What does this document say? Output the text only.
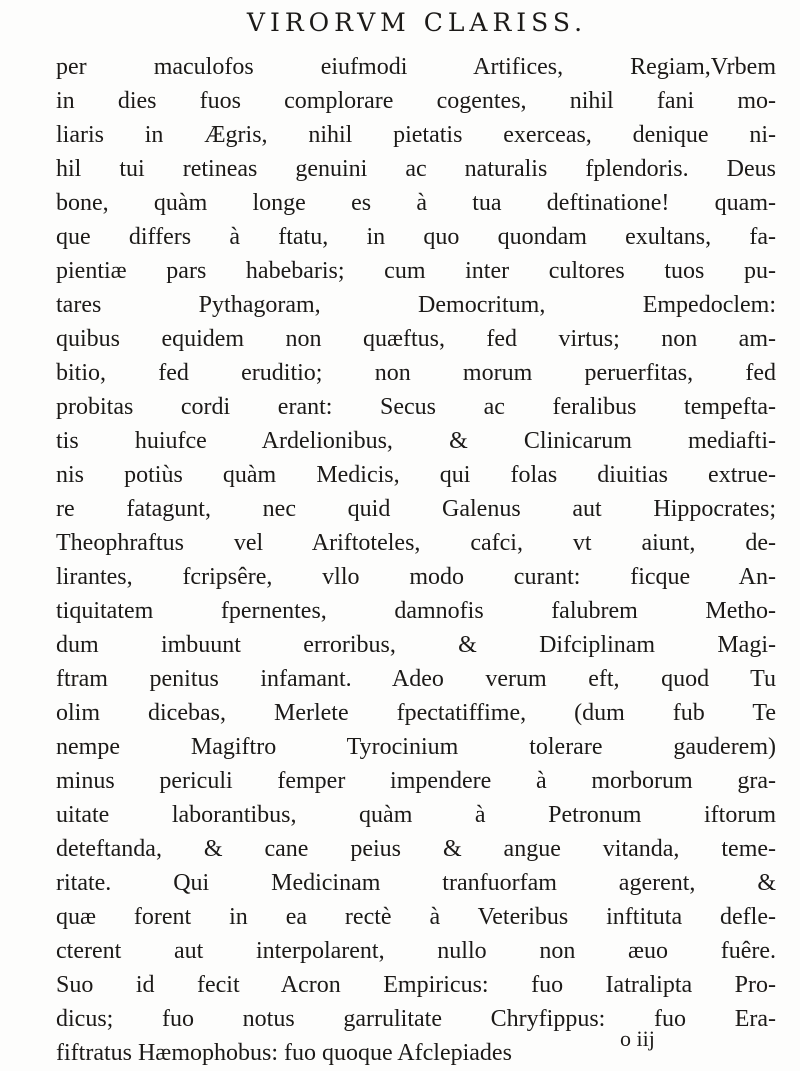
VIRORVM CLARISS.
per maculofos eiufmodi Artifices, Regiam,Vrbem
in dies fuos complorare cogentes, nihil fani mo-
liaris in Ægris, nihil pietatis exerceas, denique ni-
hil tui retineas genuini ac naturalis fplendoris. Deus
bone, quàm longe es à tua deftinatione! quam-
que differs à ftatu, in quo quondam exultans, fa-
pientiæ pars habebaris; cum inter cultores tuos pu-
tares Pythagoram, Democritum, Empedoclem:
quibus equidem non quæftus, fed virtus; non am-
bitio, fed eruditio; non morum peruerfitas, fed
probitas cordi erant: Secus ac feralibus tempefta-
tis huiufce Ardelionibus, & Clinicarum mediafti-
nis potiùs quàm Medicis, qui folas diuitias extrue-
re fatagunt, nec quid Galenus aut Hippocrates;
Theophraftus vel Ariftoteles, cafci, vt aiunt, de-
lirantes, fcripsêre, vllo modo curant: ficque An-
tiquitatem fpernentes, damnofis falubrem Metho-
dum imbuunt erroribus, & Difciplinam Magi-
ftram penitus infamant. Adeo verum eft, quod Tu
olim dicebas, Merlete fpectatiffime, (dum fub Te
nempe Magiftro Tyrocinium tolerare gauderem)
minus periculi femper impendere à morborum gra-
uitate laborantibus, quàm à Petronum iftorum
deteftanda, & cane peius & angue vitanda, teme-
ritate. Qui Medicinam tranfuorfam agerent, &
quæ forent in ea rectè à Veteribus inftituta defle-
cterent aut interpolarent, nullo non æuo fuêre.
Suo id fecit Acron Empiricus: fuo Iatralipta Pro-
dicus; fuo notus garrulitate Chryfippus: fuo Era-
fiftratus Hæmophobus: fuo quoque Afclepiades
o iij
